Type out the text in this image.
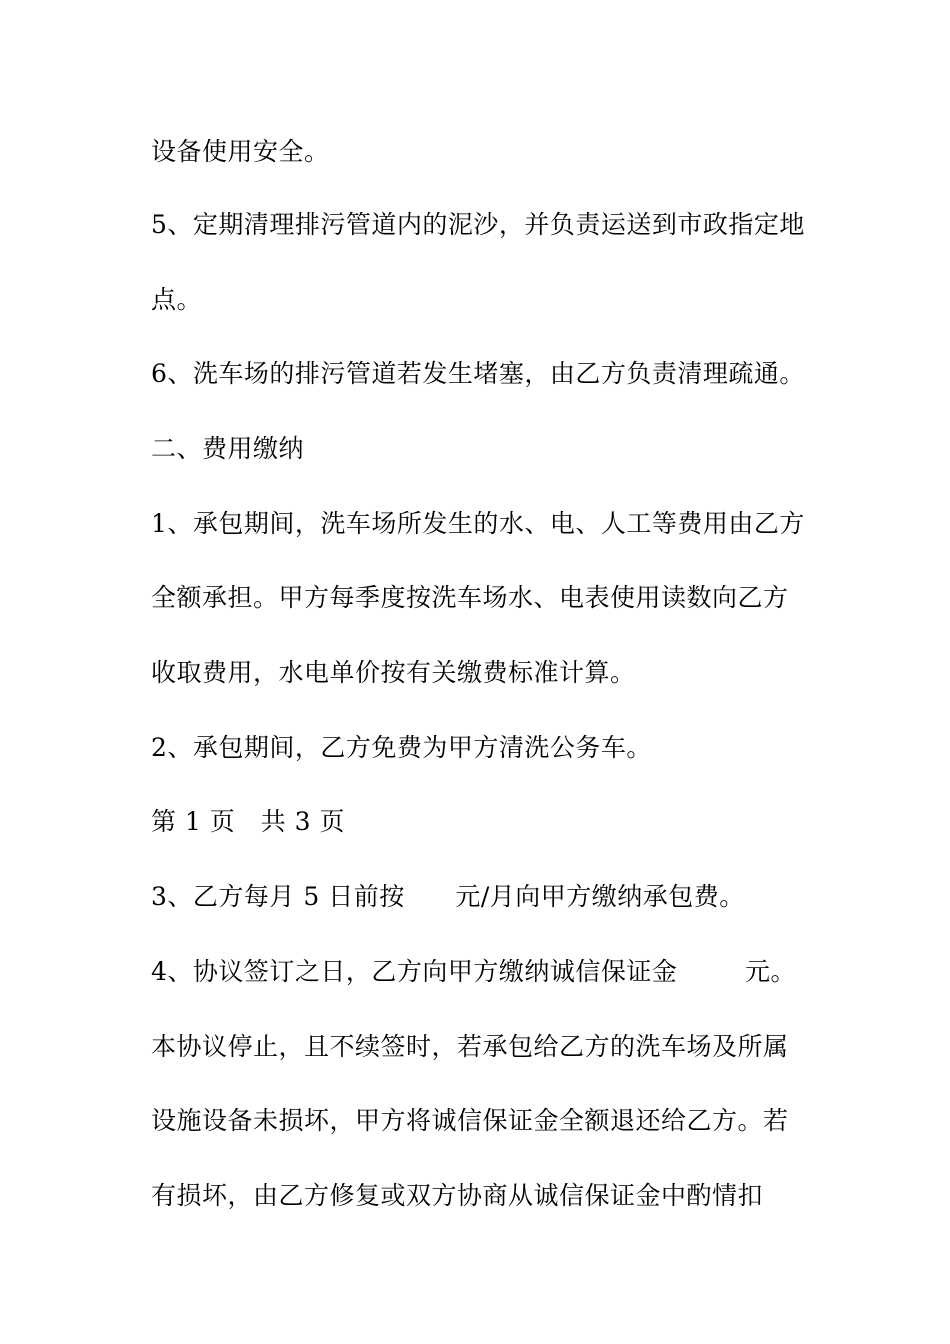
设备使用安全。
5、定期清理排污管道内的泥沙，并负责运送到市政指定地
点。
6、洗车场的排污管道若发生堵塞，由乙方负责清理疏通。
二、费用缴纳
1、承包期间，洗车场所发生的水、电、人工等费用由乙方
全额承担。甲方每季度按洗车场水、电表使用读数向乙方
收取费用，水电单价按有关缴费标准计算。
2、承包期间，乙方免费为甲方清洗公务车。
第 1 页   共 3 页
3、乙方每月 5 日前按      元/月向甲方缴纳承包费。
4、协议签订之日，乙方向甲方缴纳诚信保证金        元。
本协议停止，且不续签时，若承包给乙方的洗车场及所属
设施设备未损坏，甲方将诚信保证金全额退还给乙方。若
有损坏，由乙方修复或双方协商从诚信保证金中酌情扣
